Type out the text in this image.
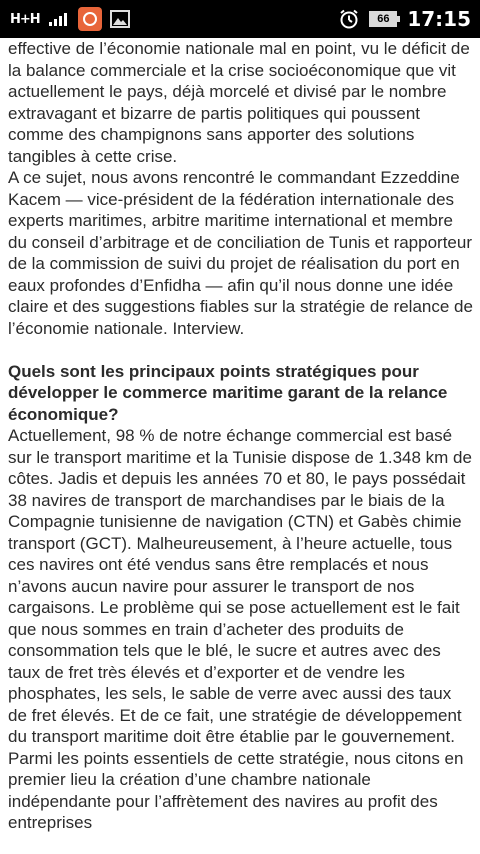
H+H	66 17:15

effective de l’économie nationale mal en point, vu le déficit de la balance commerciale et la crise socioéconomique que vit actuellement le pays, déjà morcelé et divisé par le nombre extravagant et bizarre de partis politiques qui poussent comme des champignons sans apporter des solutions tangibles à cette crise.

A ce sujet, nous avons rencontré le commandant Ezzeddine Kacem — vice-président de la fédération internationale des experts maritimes, arbitre maritime international et membre du conseil d’arbitrage et de conciliation de Tunis et rapporteur de la commission de suivi du projet de réalisation du port en eaux profondes d’Enfidha — afin qu’il nous donne une idée claire et des suggestions fiables sur la stratégie de relance de l’économie nationale. Interview.

Quels sont les principaux points stratégiques pour développer le commerce maritime garant de la relance économique?

Actuellement, 98 % de notre échange commercial est basé sur le transport maritime et la Tunisie dispose de 1.348 km de côtes. Jadis et depuis les années 70 et 80, le pays possédait 38 navires de transport de marchandises par le biais de la Compagnie tunisienne de navigation (CTN) et Gabès chimie transport (GCT). Malheureusement, à l’heure actuelle, tous ces navires ont été vendus sans être remplacés et nous n’avons aucun navire pour assurer le transport de nos cargaisons. Le problème qui se pose actuellement est le fait que nous sommes en train d’acheter des produits de consommation tels que le blé, le sucre et autres avec des taux de fret très élevés et d’exporter et de vendre les phosphates, les sels, le sable de verre avec aussi des taux de fret élevés. Et de ce fait, une stratégie de développement du transport maritime doit être établie par le gouvernement. Parmi les points essentiels de cette stratégie, nous citons en premier lieu la création d’une chambre nationale indépendante pour l’affrètement des navires au profit des entreprises
